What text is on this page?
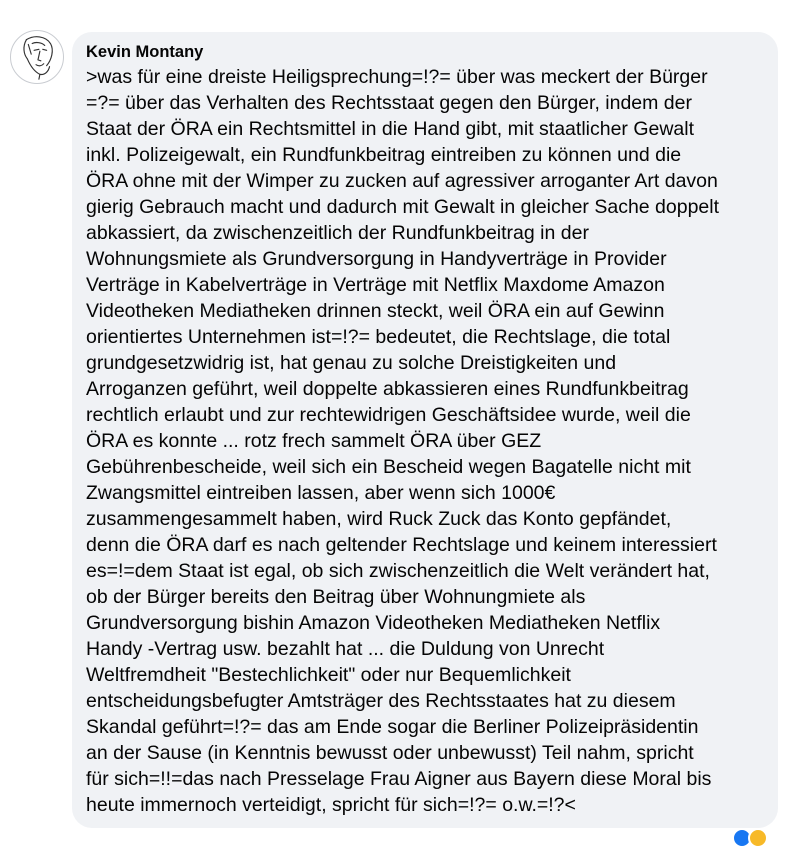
Kevin Montany

>was für eine dreiste Heiligsprechung=!?= über was meckert der Bürger
=?= über das Verhalten des Rechtsstaat gegen den Bürger, indem der
Staat der ÖRA ein Rechtsmittel in die Hand gibt, mit staatlicher Gewalt
inkl. Polizeigewalt, ein Rundfunkbeitrag eintreiben zu können und die
ÖRA ohne mit der Wimper zu zucken auf agressiver arroganter Art davon
gierig Gebrauch macht und dadurch mit Gewalt in gleicher Sache doppelt
abkassiert, da zwischenzeitlich der Rundfunkbeitrag in der
Wohnungsmiete als Grundversorgung in Handyverträge in Provider
Verträge in Kabelverträge in Verträge mit Netflix Maxdome Amazon
Videotheken Mediatheken drinnen steckt, weil ÖRA ein auf Gewinn
orientiertes Unternehmen ist=!?= bedeutet, die Rechtslage, die total
grundgesetzwidrig ist, hat genau zu solche Dreistigkeiten und
Arroganzen geführt, weil doppelte abkassieren eines Rundfunkbeitrag
rechtlich erlaubt und zur rechtewidrigen Geschäftsidee wurde, weil die
ÖRA es konnte ... rotz frech sammelt ÖRA über GEZ
Gebührenbescheide, weil sich ein Bescheid wegen Bagatelle nicht mit
Zwangsmittel eintreiben lassen, aber wenn sich 1000€
zusammengesammelt haben, wird Ruck Zuck das Konto gepfändet,
denn die ÖRA darf es nach geltender Rechtslage und keinem interessiert
es=!=dem Staat ist egal, ob sich zwischenzeitlich die Welt verändert hat,
ob der Bürger bereits den Beitrag über Wohnungmiete als
Grundversorgung bishin Amazon Videotheken Mediatheken Netflix
Handy -Vertrag usw. bezahlt hat ... die Duldung von Unrecht
Weltfremdheit "Bestechlichkeit" oder nur Bequemlichkeit
entscheidungsbefugter Amtsträger des Rechtsstaates hat zu diesem
Skandal geführt=!?= das am Ende sogar die Berliner Polizeipräsidentin
an der Sause (in Kenntnis bewusst oder unbewusst) Teil nahm, spricht
für sich=!!=das nach Presselage Frau Aigner aus Bayern diese Moral bis
heute immernoch verteidigt, spricht für sich=!?= o.w.=!?<
